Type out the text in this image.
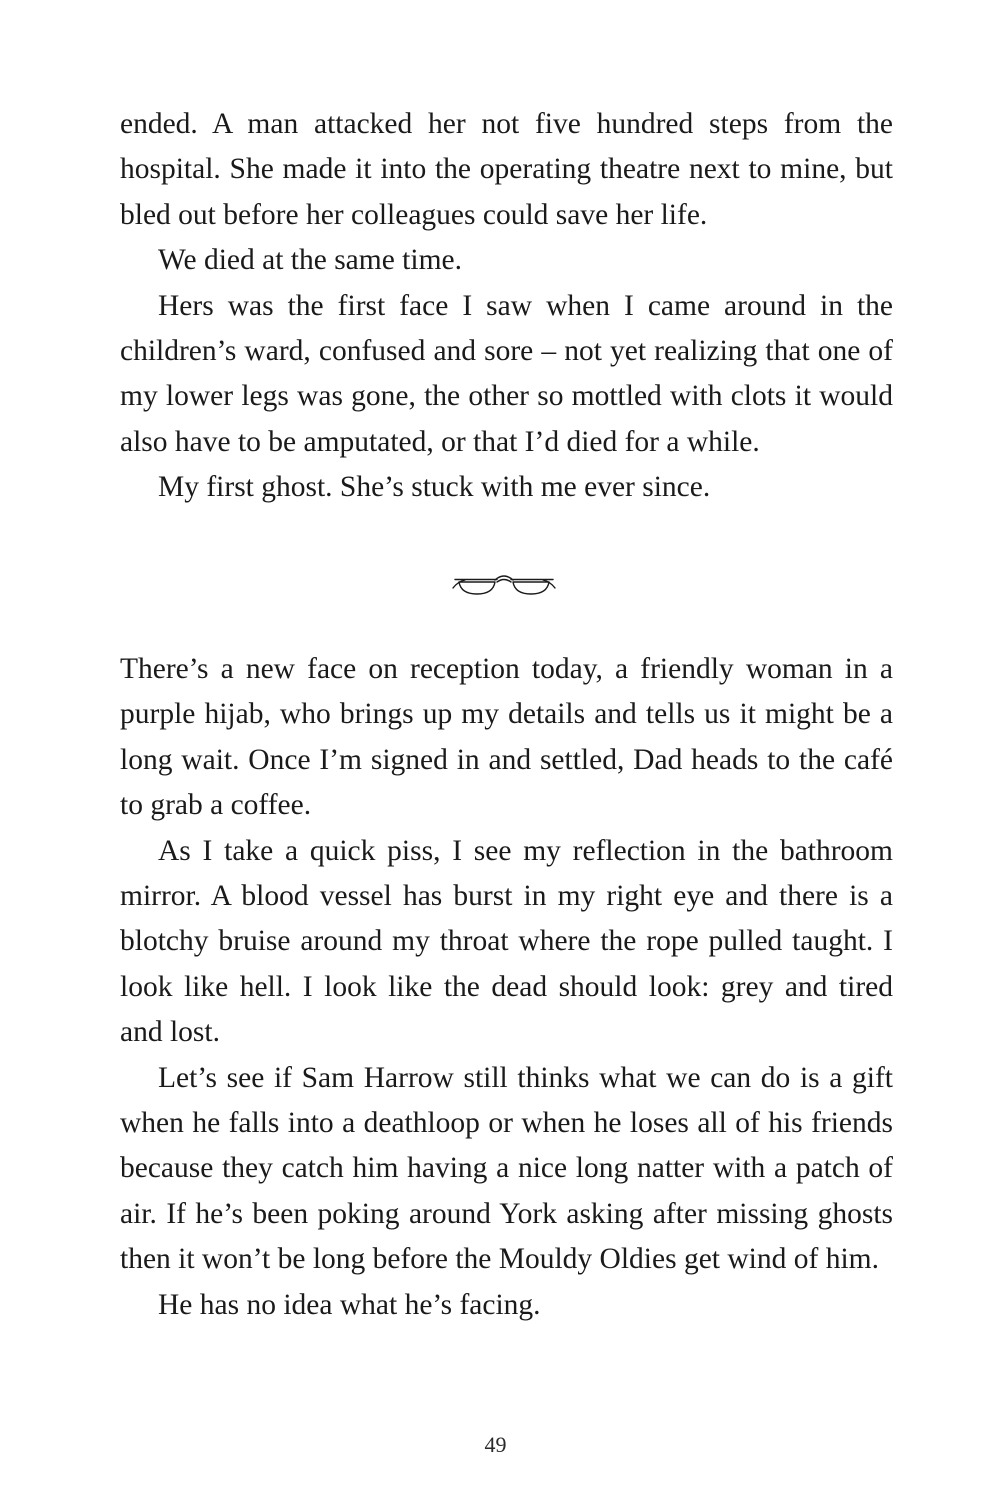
ended. A man attacked her not five hundred steps from the hospital. She made it into the operating theatre next to mine, but bled out before her colleagues could save her life.

We died at the same time.

Hers was the first face I saw when I came around in the children’s ward, confused and sore – not yet realizing that one of my lower legs was gone, the other so mottled with clots it would also have to be amputated, or that I’d died for a while.

My first ghost. She’s stuck with me ever since.

There’s a new face on reception today, a friendly woman in a purple hijab, who brings up my details and tells us it might be a long wait. Once I’m signed in and settled, Dad heads to the café to grab a coffee.

As I take a quick piss, I see my reflection in the bathroom mirror. A blood vessel has burst in my right eye and there is a blotchy bruise around my throat where the rope pulled taught. I look like hell. I look like the dead should look: grey and tired and lost.

Let’s see if Sam Harrow still thinks what we can do is a gift when he falls into a deathloop or when he loses all of his friends because they catch him having a nice long natter with a patch of air. If he’s been poking around York asking after missing ghosts then it won’t be long before the Mouldy Oldies get wind of him.

He has no idea what he’s facing.

49
